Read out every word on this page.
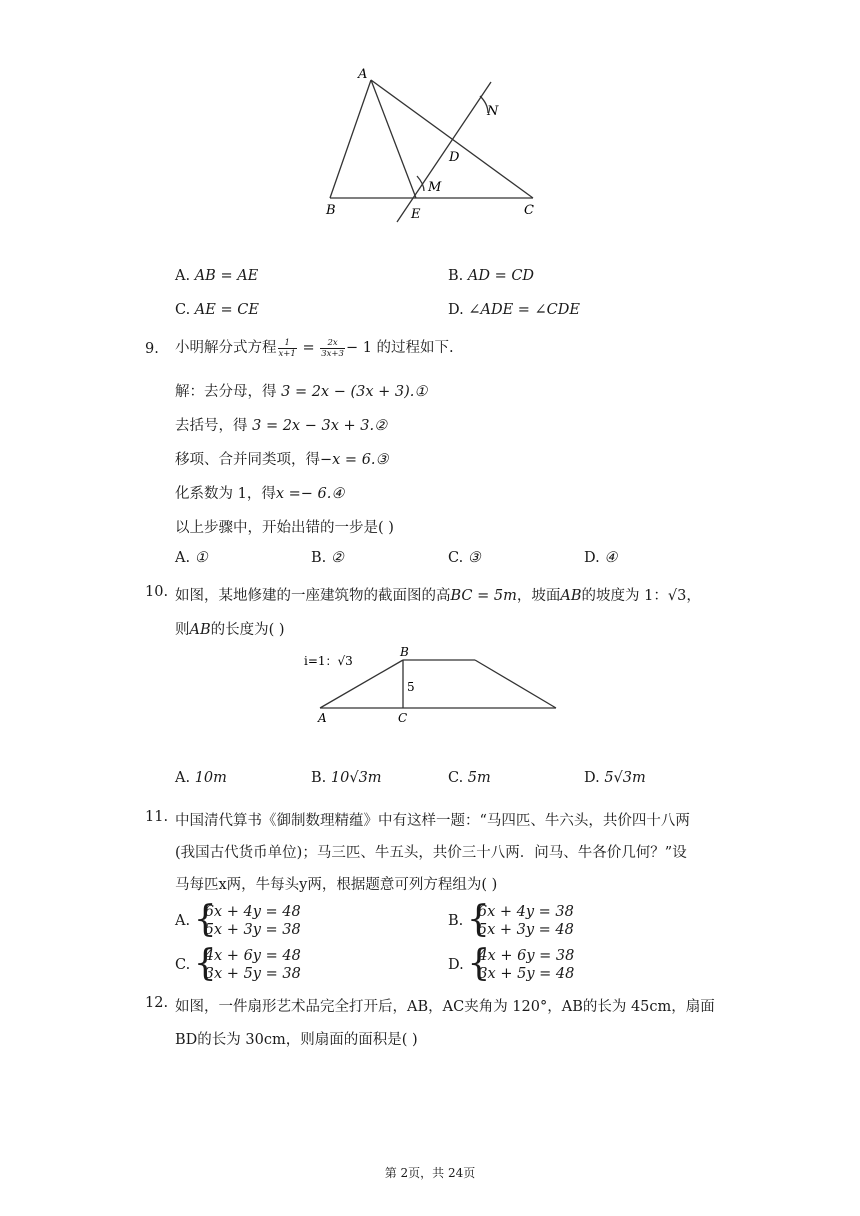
A
B	C
D
E
M
N
A. AB = AE	B. AD = CD
C. AE = CE	D. ∠ADE = ∠CDE
9. 小明解分式方程 $\frac{1}{x+1} = \frac{2x}{3x+3} - 1$ 的过程如下.
解：去分母，得 3 = 2x − (3x + 3).①
去括号，得 3 = 2x − 3x + 3.②
移项、合并同类项，得−x = 6.③
化系数为 1，得x =− 6.④
以上步骤中，开始出错的一步是( )
A. ①	B. ②	C. ③	D. ④
10. 如图，某地修建的一座建筑物的截面图的高BC = 5m，坡面AB的坡度为 1：√3，
则AB的长度为( )
i=1：√3
B
A	C
5
A. 10m	B. 10√3m	C. 5m	D. 5√3m
11. 中国清代算书《御制数理精蕴》中有这样一题：“马四匹、牛六头，共价四十八两
(我国古代货币单位)；马三匹、牛五头，共价三十八两．问马、牛各价几何？”设
马每匹x两，牛每头y两，根据题意可列方程组为( )
A. {
6x + 4y = 48
5x + 3y = 38
B. {
6x + 4y = 38
5x + 3y = 48
C. {
4x + 6y = 48
3x + 5y = 38
D. {
4x + 6y = 38
3x + 5y = 48
12. 如图，一件扇形艺术品完全打开后，AB，AC夹角为 120°，AB的长为 45cm，扇面
BD的长为 30cm，则扇面的面积是( )
第 2页，共 24页
